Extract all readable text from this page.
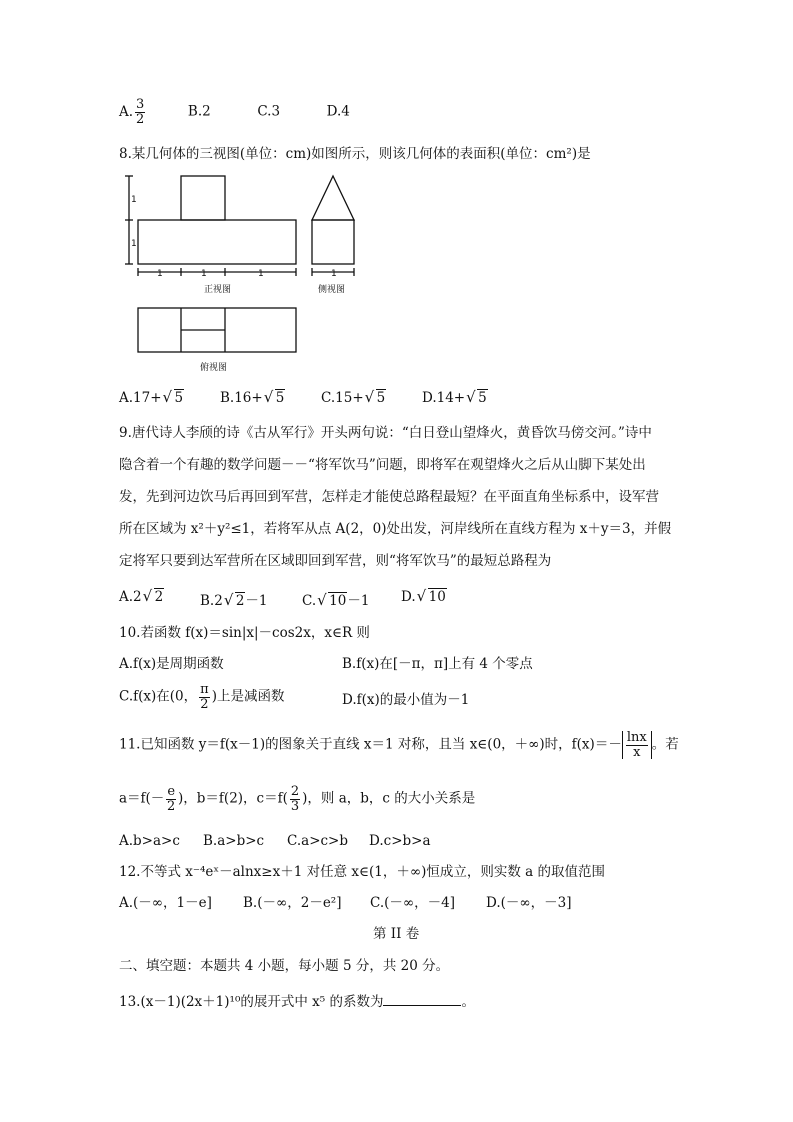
A. $\frac{3}{2}$	B.2	C.3	D.4
8.某几何体的三视图(单位：cm)如图所示，则该几何体的表面积(单位：cm²)是
1
1
1	1	1	1
正视图	侧视图
俯视图
A.17+ √ 5	B.16+ √ 5	C.15+ √ 5	D.14+ √ 5
9.唐代诗人李颀的诗《古从军行》开头两句说：“白日登山望烽火，黄昏饮马傍交河。”诗中
隐含着一个有趣的数学问题－－“将军饮马”问题，即将军在观望烽火之后从山脚下某处出
发，先到河边饮马后再回到军营，怎样走才能使总路程最短？在平面直角坐标系中，设军营
所在区域为 x²＋y²≤1，若将军从点 A(2，0)处出发，河岸线所在直线方程为 x＋y＝3，并假
定将军只要到达军营所在区域即回到军营，则“将军饮马”的最短总路程为
A.2 √ 2	B.2 √ 2－1	C. √ 10－1 D. √ 10
10.若函数 f(x)＝sin|x|－cos2x，x∈R 则
A.f(x)是周期函数	B.f(x)在[－π，π]上有 4 个零点
C.f(x)在(0， $\frac{\pi}{2}$ )上是减函数	D.f(x)的最小值为－1
11.已知函数 y＝f(x－1)的图象关于直线 x＝1 对称，且当 x∈(0，＋∞)时，$f(x)=- \frac{\ln x}{x}$ 。若
$a=f(- \frac{e}{2}$ )，b＝f(2)，$c=f( \frac{2}{3}$ )，则 a，b，c 的大小关系是
A.b>a>c B.a>b>c C.a>c>b D.c>b>a
12.不等式 x⁻⁴eˣ－alnx≥x＋1 对任意 x∈(1，＋∞)恒成立，则实数 a 的取值范围
A.(－∞，1－e] B.(－∞，2－e²] C.(－∞，－4] D.(－∞，－3]
第 II 卷
二、填空题：本题共 4 小题，每小题 5 分，共 20 分。
13.(x－1)(2x＋1)¹⁰的展开式中 x⁵ 的系数为	。
